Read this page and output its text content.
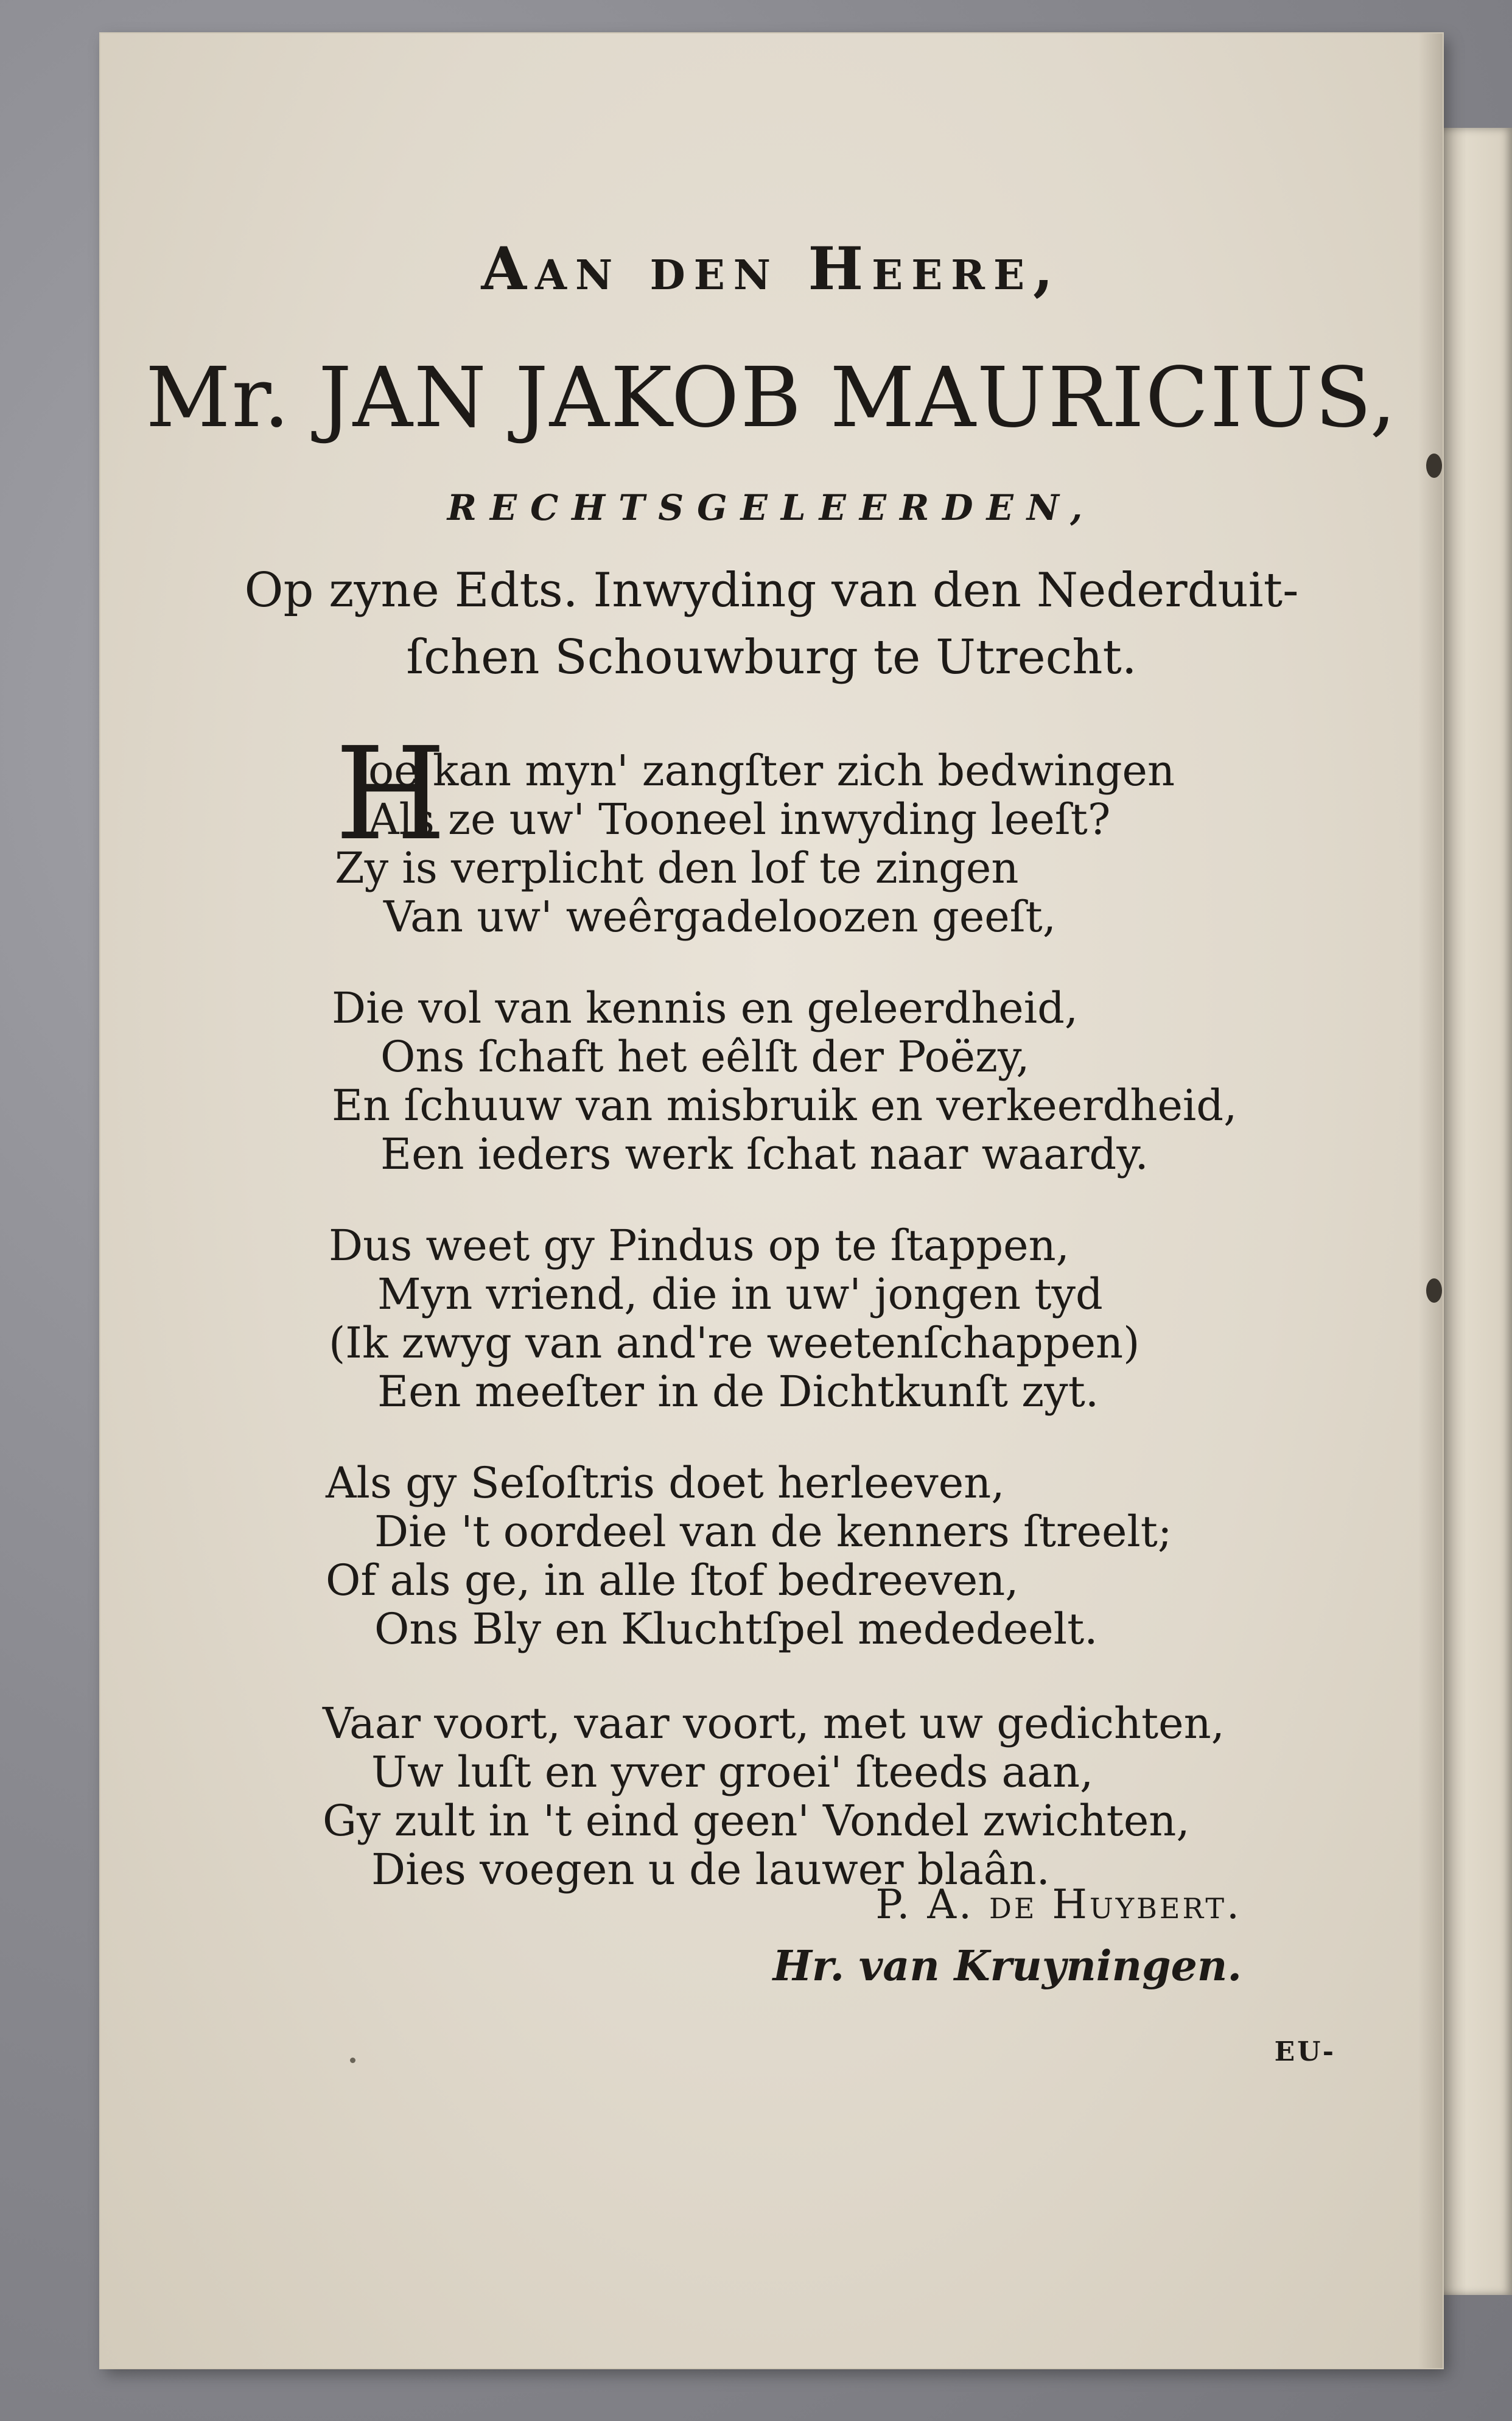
Aan den Heere,
Mr. JAN JAKOB MAURICIUS,
RECHTSGELEERDEN,
Op zyne Edts. Inwyding van den Nederduit-
ſchen Schouwburg te Utrecht.
H
oe kan myn' zangſter zich bedwingen
Als ze uw' Tooneel inwyding leeſt?
Zy is verplicht den lof te zingen
Van uw' weêrgadeloozen geeſt,
Die vol van kennis en geleerdheid,
Ons ſchaft het eêlſt der Poëzy,
En ſchuuw van misbruik en verkeerdheid,
Een ieders werk ſchat naar waardy.
Dus weet gy Pindus op te ſtappen,
Myn vriend, die in uw' jongen tyd
(Ik zwyg van and're weetenſchappen)
Een meeſter in de Dichtkunſt zyt.
Als gy Seſoſtris doet herleeven,
Die 't oordeel van de kenners ſtreelt;
Of als ge, in alle ſtof bedreeven,
Ons Bly en Kluchtſpel mededeelt.
Vaar voort, vaar voort, met uw gedichten,
Uw luſt en yver groei' ſteeds aan,
Gy zult in 't eind geen' Vondel zwichten,
Dies voegen u de lauwer blaân.
P. A. de Huybert.
Hr. van Kruyningen.
EU-
